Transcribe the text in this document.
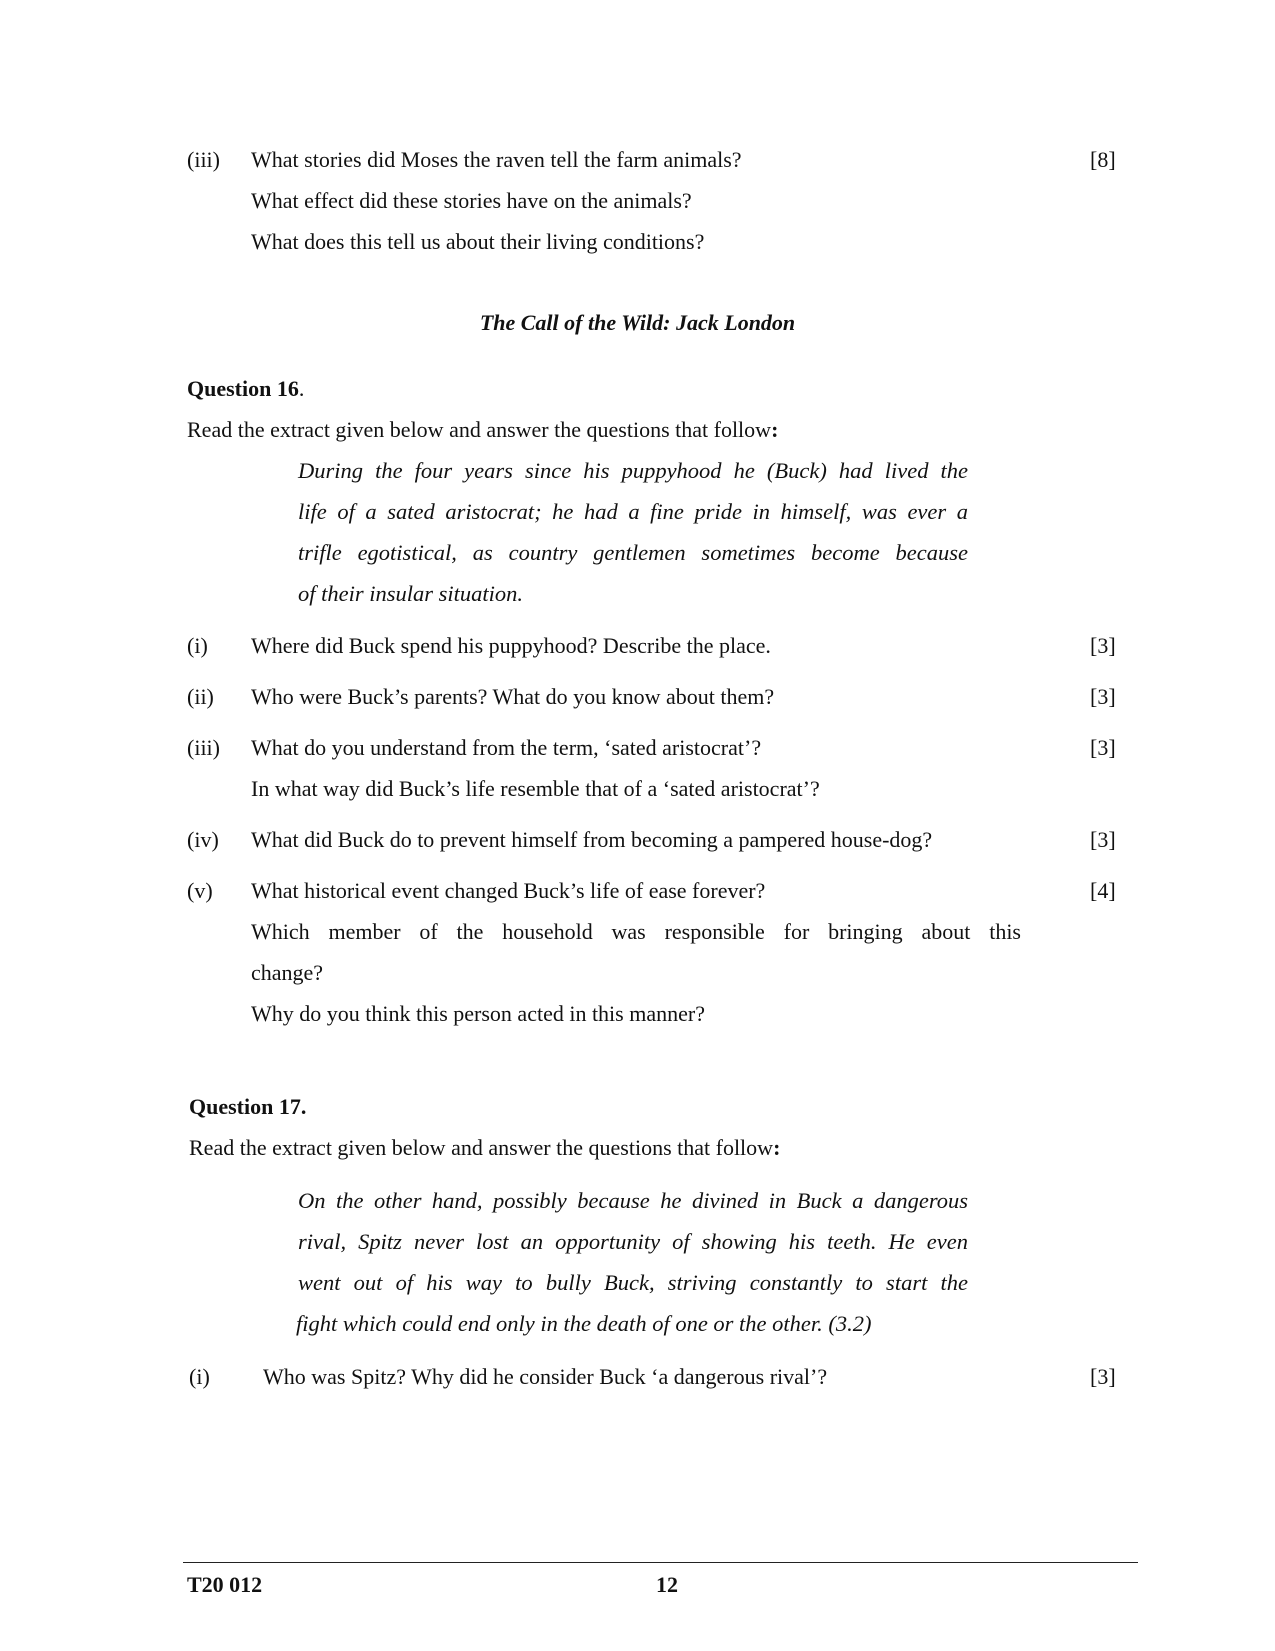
(iii) What stories did Moses the raven tell the farm animals?	[8]
What effect did these stories have on the animals?
What does this tell us about their living conditions?
The Call of the Wild: Jack London
Question 16.
Read the extract given below and answer the questions that follow:
During the four years since his puppyhood he (Buck) had lived the
life of a sated aristocrat; he had a fine pride in himself, was ever a
trifle egotistical, as country gentlemen sometimes become because
of their insular situation.
(i) Where did Buck spend his puppyhood? Describe the place.	[3]
(ii) Who were Buck’s parents? What do you know about them?	[3]
(iii) What do you understand from the term, ‘sated aristocrat’?	[3]
In what way did Buck’s life resemble that of a ‘sated aristocrat’?
(iv) What did Buck do to prevent himself from becoming a pampered house-dog?	[3]
(v) What historical event changed Buck’s life of ease forever?	[4]
Which member of the household was responsible for bringing about this
change?
Why do you think this person acted in this manner?
Question 17.
Read the extract given below and answer the questions that follow:
On the other hand, possibly because he divined in Buck a dangerous
rival, Spitz never lost an opportunity of showing his teeth. He even
went out of his way to bully Buck, striving constantly to start the
fight which could end only in the death of one or the other. (3.2)
(i) Who was Spitz? Why did he consider Buck ‘a dangerous rival’?	[3]
T20 012	12
